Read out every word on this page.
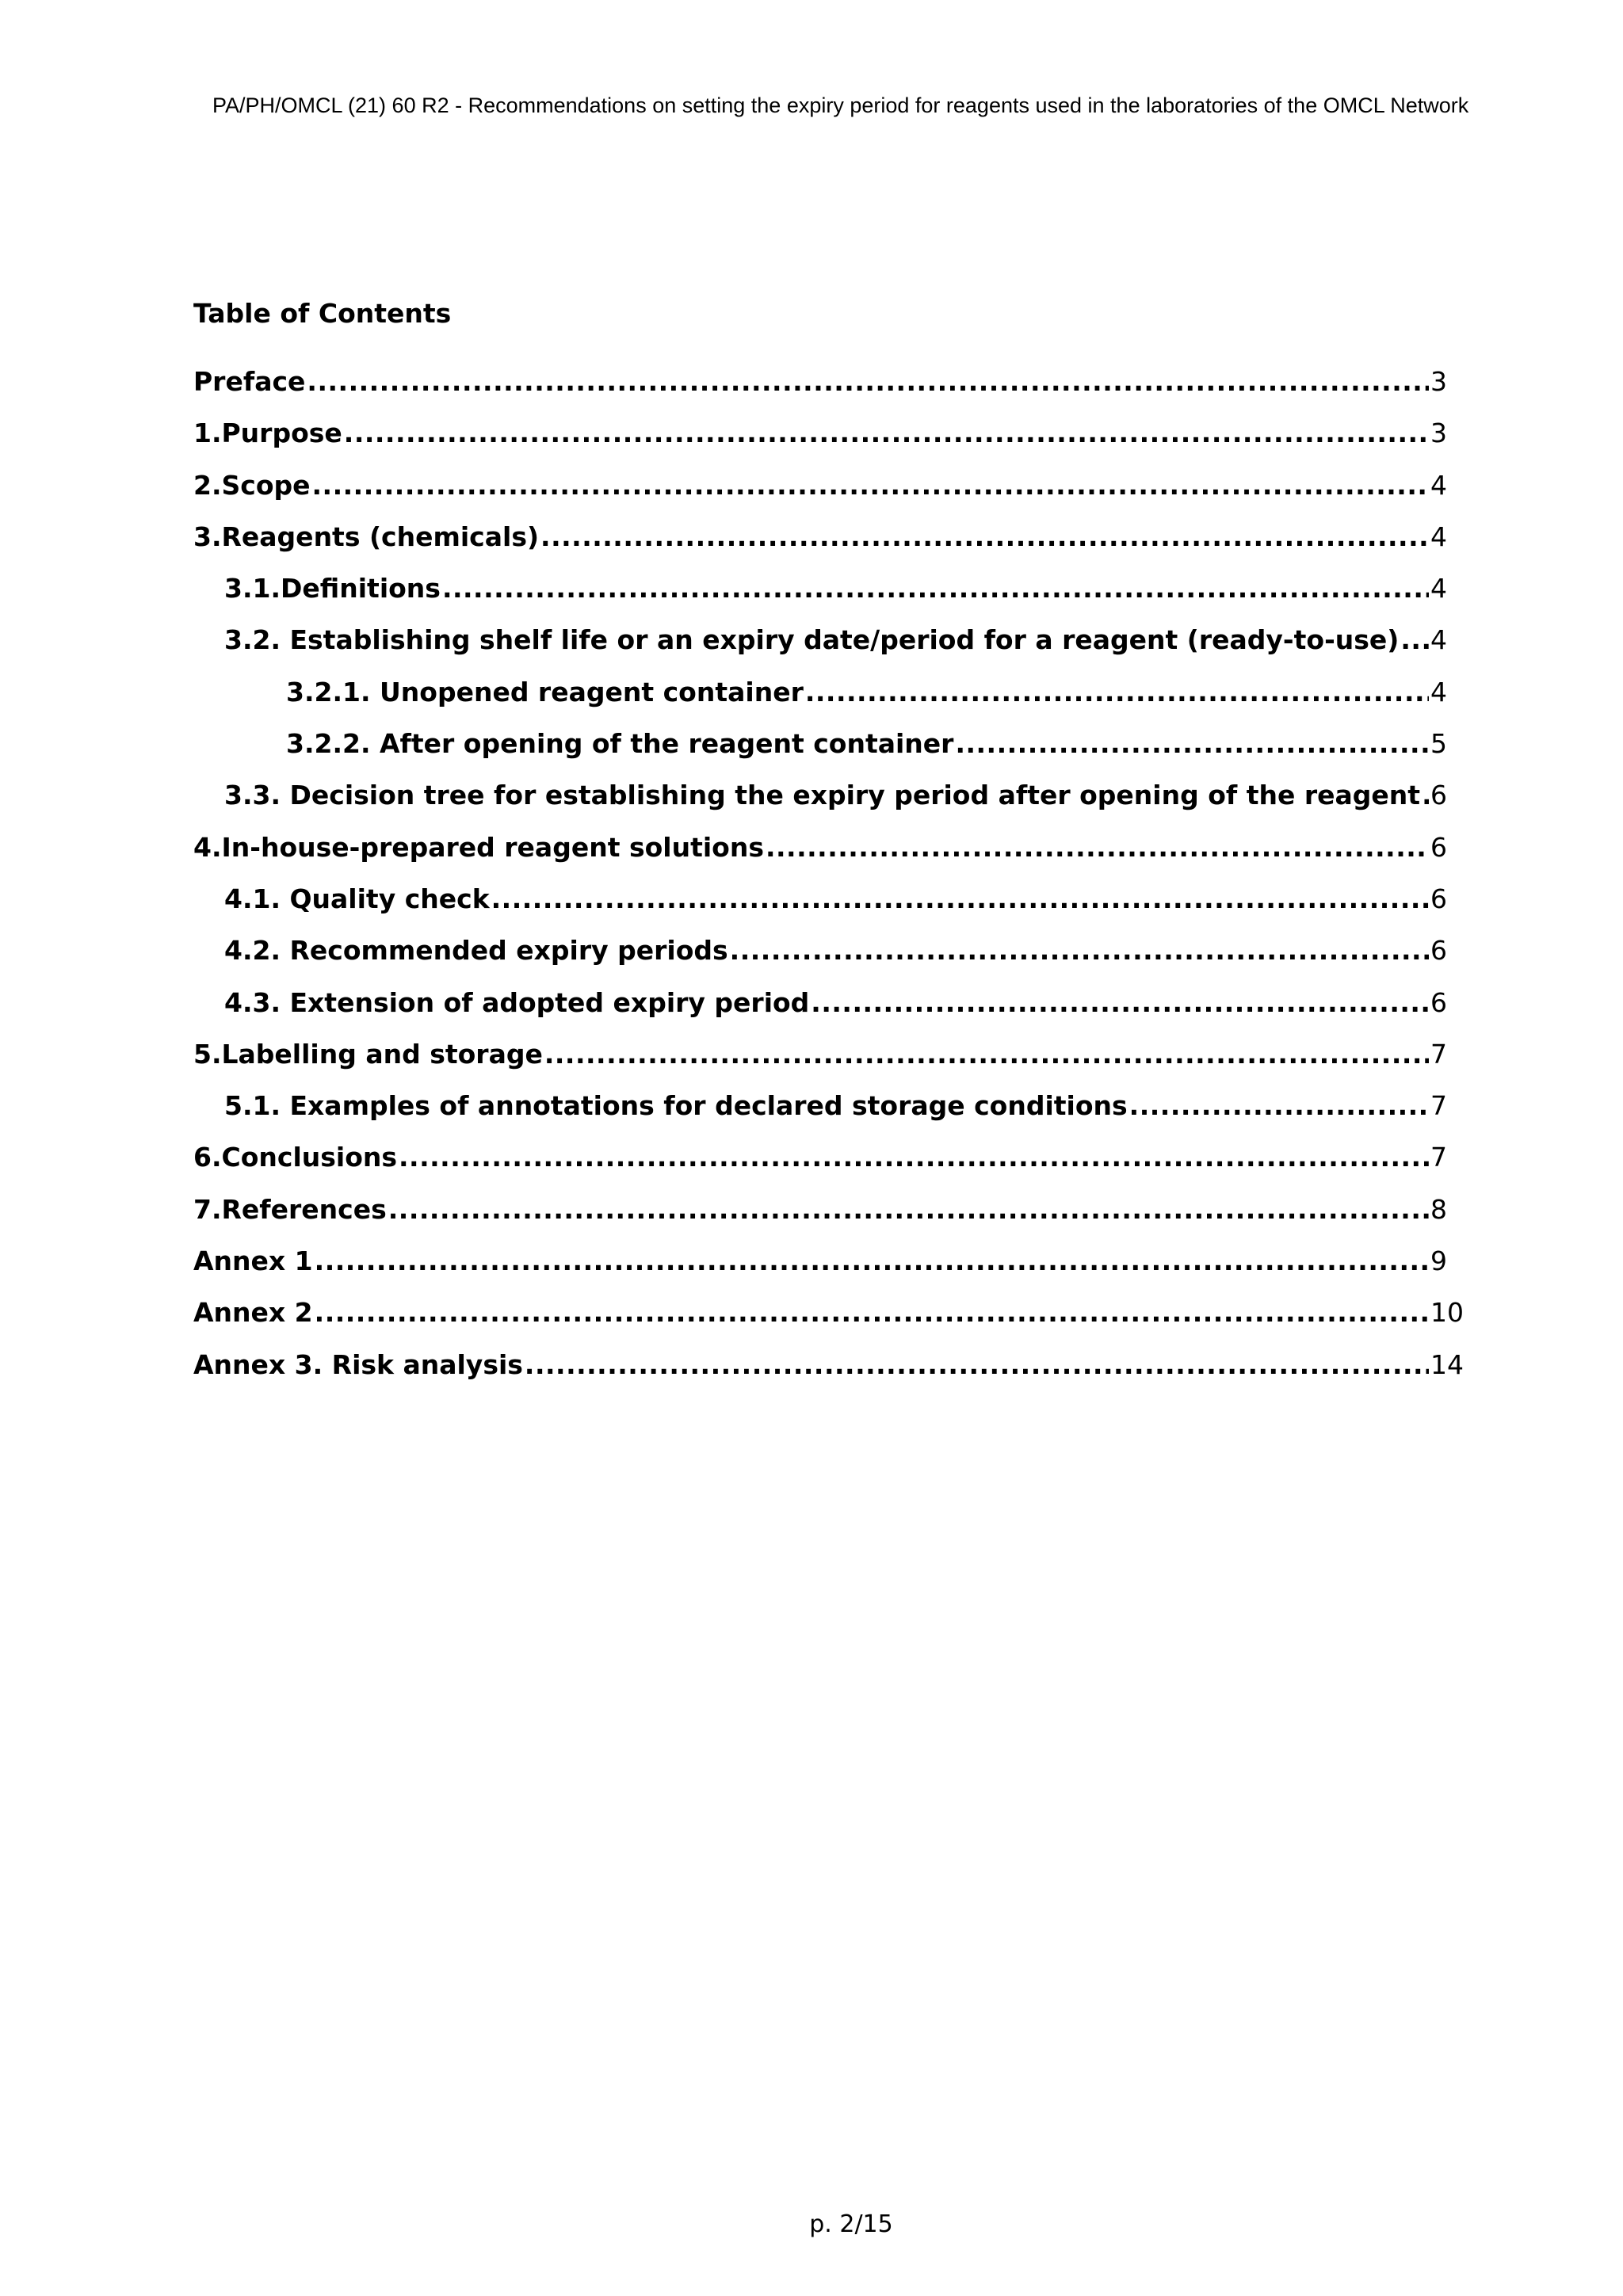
PA/PH/OMCL (21) 60 R2 - Recommendations on setting the expiry period for reagents used in the laboratories of the OMCL Network
Table of Contents
Preface .....	3
1. Purpose .....	3
2. Scope .....	4
3. Reagents (chemicals) .....	4
3.1. Definitions .....	4
3.2. Establishing shelf life or an expiry date/period for a reagent (ready-to-use) ..... 4
3.2.1. Unopened reagent container .....	4
3.2.2. After opening of the reagent container .....	5
3.3. Decision tree for establishing the expiry period after opening of the reagent ..... 6
4. In-house-prepared reagent solutions .....	6
4.1. Quality check .....	6
4.2. Recommended expiry periods .....	6
4.3. Extension of adopted expiry period .....	6
5. Labelling and storage .....	7
5.1. Examples of annotations for declared storage conditions .....	7
6. Conclusions .....	7
7. References .....	8
Annex 1 .....	9
Annex 2 .....	10
Annex 3. Risk analysis .....	14
p. 2/15
